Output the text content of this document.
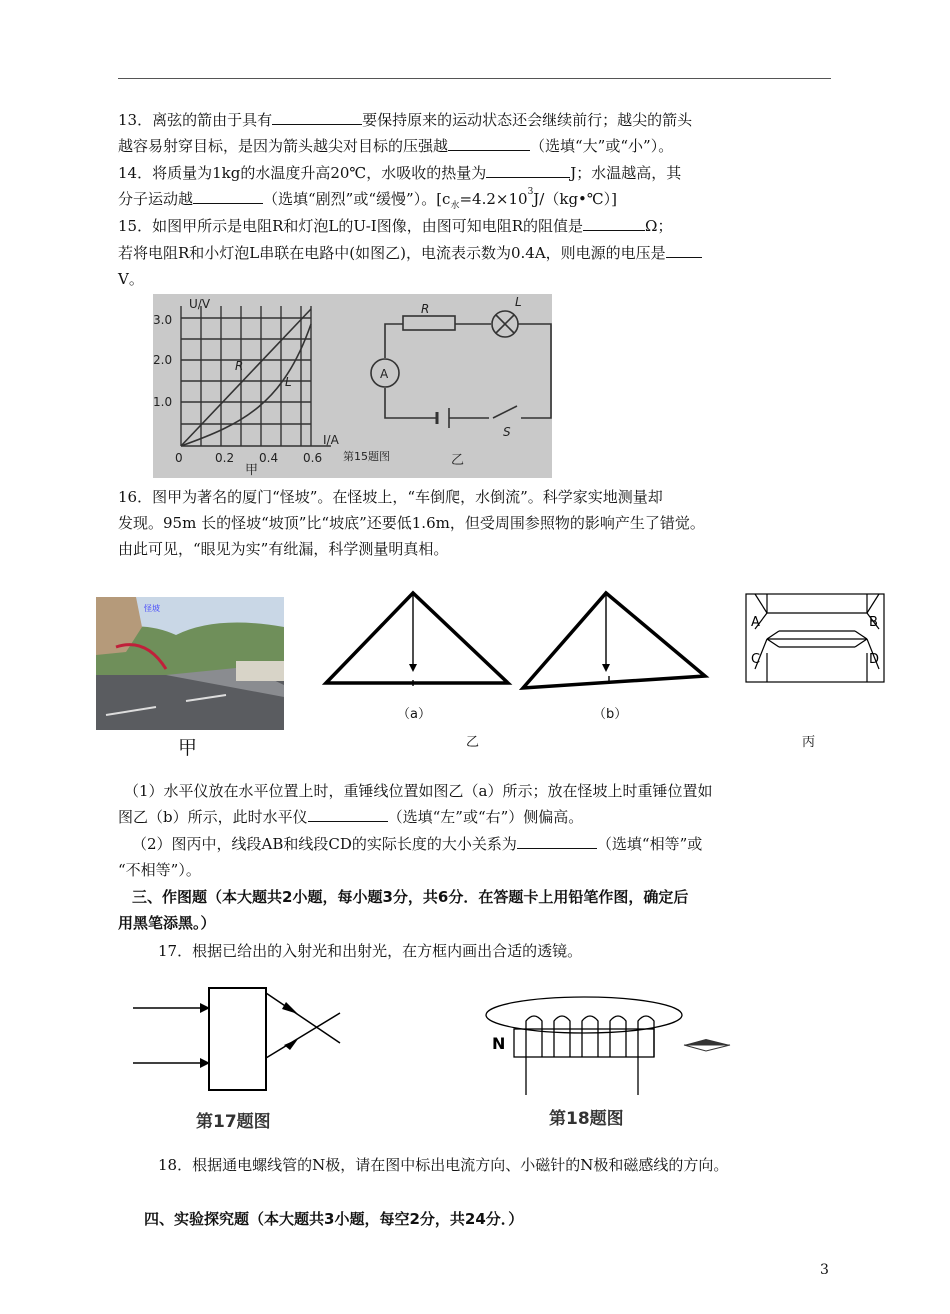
13．离弦的箭由于具有	要保持原来的运动状态还会继续前行；越尖的箭头
越容易射穿目标，是因为箭头越尖对目标的压强越	（选填“大”或“小”）。
14．将质量为1kg的水温度升高20℃，水吸收的热量为	J；水温越高，其
分子运动越	（选填“剧烈”或“缓慢”）。$[c_水=4.2\times 10^3J/(kg•℃)]$
15．如图甲所示是电阻R和灯泡L的U-I图像，由图可知电阻R的阻值是	Ω；
若将电阻R和小灯泡L串联在电路中(如图乙)，电流表示数为0.4A，则电源的电压是
V。
U/V
3.0
2.0
1.0
0	0.2 0.4 0.6
I/A
R
L
甲
第15题图	乙
R	L
A
S
16．图甲为著名的厦门“怪坡”。在怪坡上，“车倒爬，水倒流”。科学家实地测量却
发现。95m 长的怪坡“坡顶”比“坡底”还要低1.6m，但受周围参照物的影响产生了错觉。
由此可见，“眼见为实”有纰漏，科学测量明真相。
怪坡
甲
（a）	（b）
乙
A	B
C	D
丙
（1）水平仪放在水平位置上时，重锤线位置如图乙（a）所示；放在怪坡上时重锤位置如
图乙（b）所示，此时水平仪	（选填“左”或“右”）侧偏高。
（2）图丙中，线段AB和线段CD的实际长度的大小关系为	（选填“相等”或
“不相等”）。
三、作图题（本大题共2小题，每小题3分，共6分．在答题卡上用铅笔作图，确定后
用黑笔添黑。）
17．根据已给出的入射光和出射光，在方框内画出合适的透镜。
第17题图
N
第18题图
18．根据通电螺线管的N极，请在图中标出电流方向、小磁针的N极和磁感线的方向。
四、实验探究题（本大题共3小题，每空2分，共24分．）
3
